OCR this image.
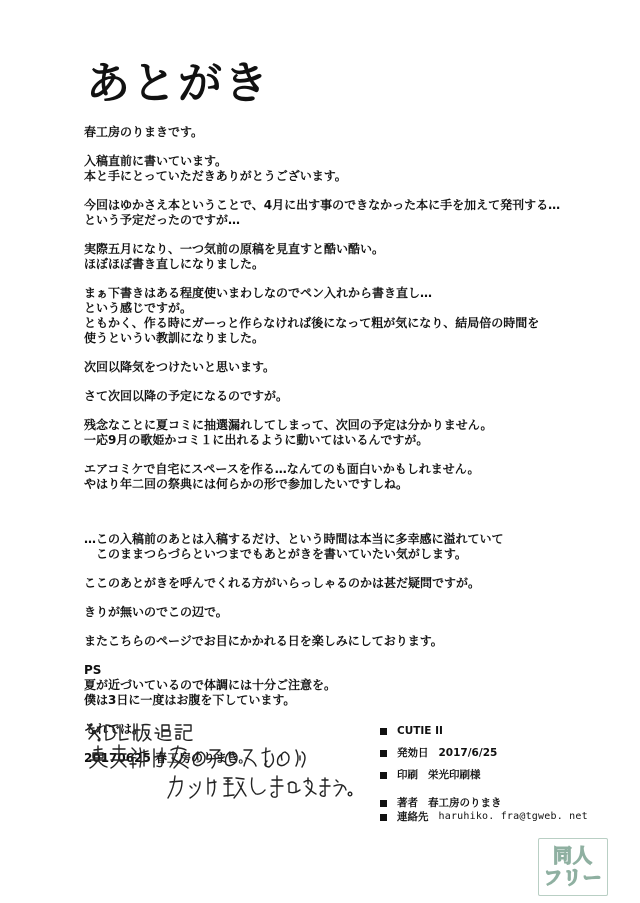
あとがき
春工房のりまきです。
入稿直前に書いています。
本と手にとっていただきありがとうございます。
今回はゆかさえ本ということで、4月に出す事のできなかった本に手を加えて発刊する…
という予定だったのですが…
実際五月になり、一つ気前の原稿を見直すと酷い酷い。
ほぼほぼ書き直しになりました。
まぁ下書きはある程度使いまわしなのでペン入れから書き直し…
という感じですが。
ともかく、作る時にガーっと作らなければ後になって粗が気になり、結局倍の時間を
使うというい教訓になりました。
次回以降気をつけたいと思います。
さて次回以降の予定になるのですが。
残念なことに夏コミに抽選漏れしてしまって、次回の予定は分かりません。
一応9月の歌姫かコミ１に出れるように動いてはいるんですが。
エアコミケで自宅にスペースを作る…なんてのも面白いかもしれません。
やはり年二回の祭典には何らかの形で参加したいですしね。
…この入稿前のあとは入稿するだけ、という時間は本当に多幸感に溢れていて
　このままつらづらといつまでもあとがきを書いていたい気がします。
ここのあとがきを呼んでくれる方がいらっしゃるのかは甚だ疑問ですが。
きりが無いのでこの辺で。
またこちらのページでお目にかかれる日を楽しみにしております。
PS
夏が近づいているので体調には十分ご注意を。
僕は3日に一度はお腹を下しています。
それでは。
20170625 春工房のりまき。
CUTIE II
発効日 2017/6/25
印刷 栄光印刷様
著者 春工房のりまき
連絡先 haruhiko. fra@tgweb. net
同人
フリー
